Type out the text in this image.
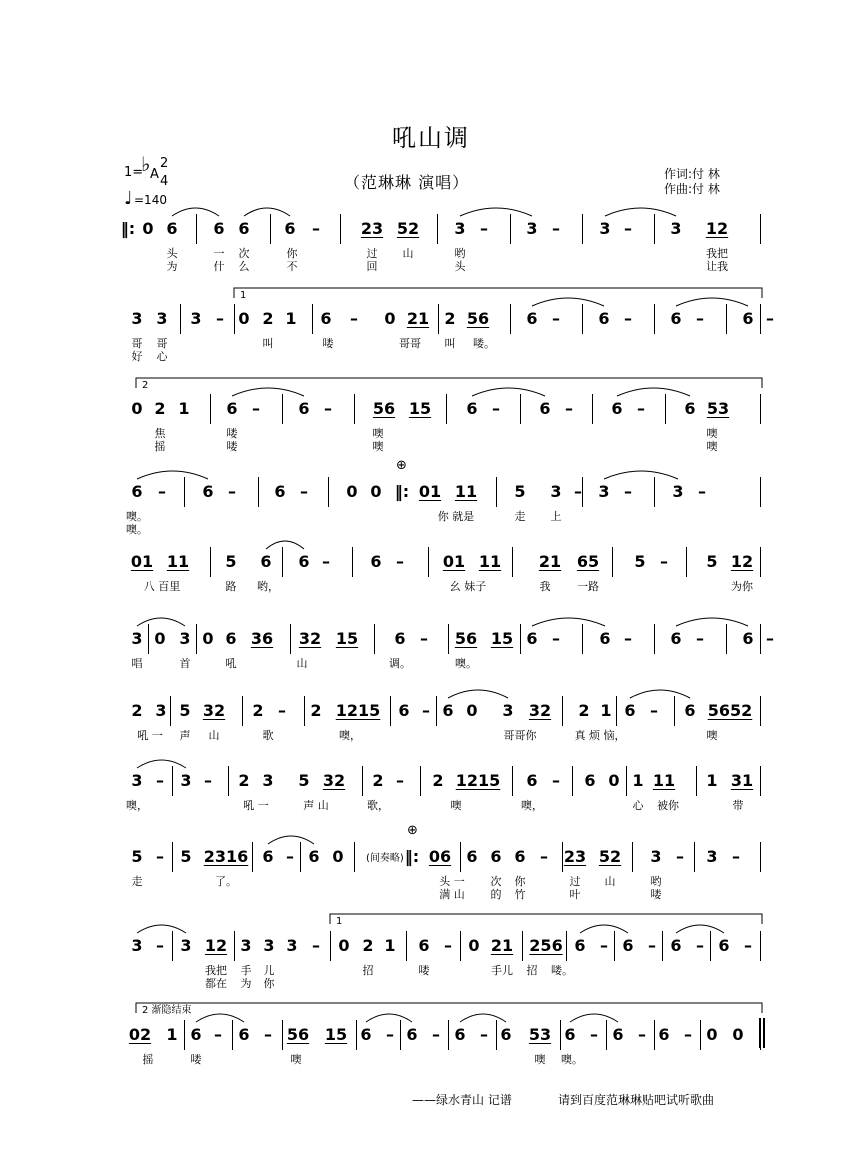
吼山调
（范琳琳 演唱）	作词:付 林
作曲:付 林
1=
♭ A
2
4
♩ =140
‖: 0 6 6 6 6 –	23 52 3 – 3 – 3 – 3 12
头	一 次	你	过 山	哟	我把
为	什 么	不	回	头	让我
3 3 3 – 0 2 1 6 – 0 21 2 56 6 – 6 – 6 – 6 –
哥 哥	叫	喽	哥哥 叫 喽。
好 心
0 2 1 6 – 6 –	56 15 6 – 6 – 6 – 6 53
焦	喽	噢	噢
摇	喽	噢	噢
6 – 6 – 6 – 0 0 ‖: 01 11 5 3 – 3 –	3 –
噢。	你 就是	走 上
噢。
01 11 5 6 6 –	6 – 01 11 21 65 5 – 5 12
八 百里	路 哟，	幺 妹子	我 一路	为你
3 0 3 0 6 36 32 15 6 – 56 15 6 – 6 – 6 – 6 –
唱	首	吼	山	调。	噢。
2 3 5 32 2 – 2 1215 6 – 6 0 3 32 2 1 6 – 6 5652
吼 一 声 山	歌	噢，	哥哥你	真 烦 恼，	噢
3 – 3 – 2 3 5 32 2 – 2 1215 6 – 6 0 1 11 1 31
噢，	吼 一	声 山	歌，	噢	噢，	心 被你	带
5 – 5 2316 6 – 6 0	‖: 06 6 6 6 – 23 52 3 – 3 –
走	了。	头 一 次 你	过 山	哟
满 山 的 竹	叶	喽
3 – 3 12 3 3 3 – 0 2 1 6 – 0 21 256 6 – 6 – 6 – 6 –
我把 手 儿	招	喽	手儿 招 喽。
都在 为 你
02 1 6 – 6 – 56 15 6 – 6 – 6 – 6 53 6 – 6 – 6 – 0 0
摇	喽	噢	噢 噢。
⊕
⊕
(间奏略)
——绿水青山 记谱	请到百度范琳琳贴吧试听歌曲
1
2
1
2 渐隐结束
